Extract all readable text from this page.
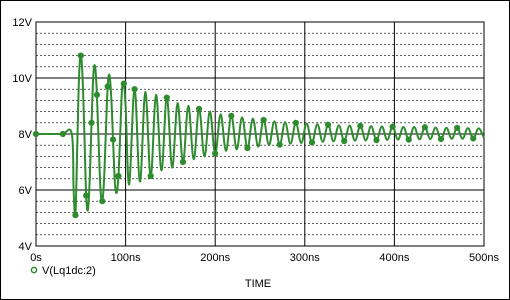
4V
6V
8V
10V
12V
0s	100ns	200ns	300ns	400ns	500ns
TIME
V(Lq1dc:2)
